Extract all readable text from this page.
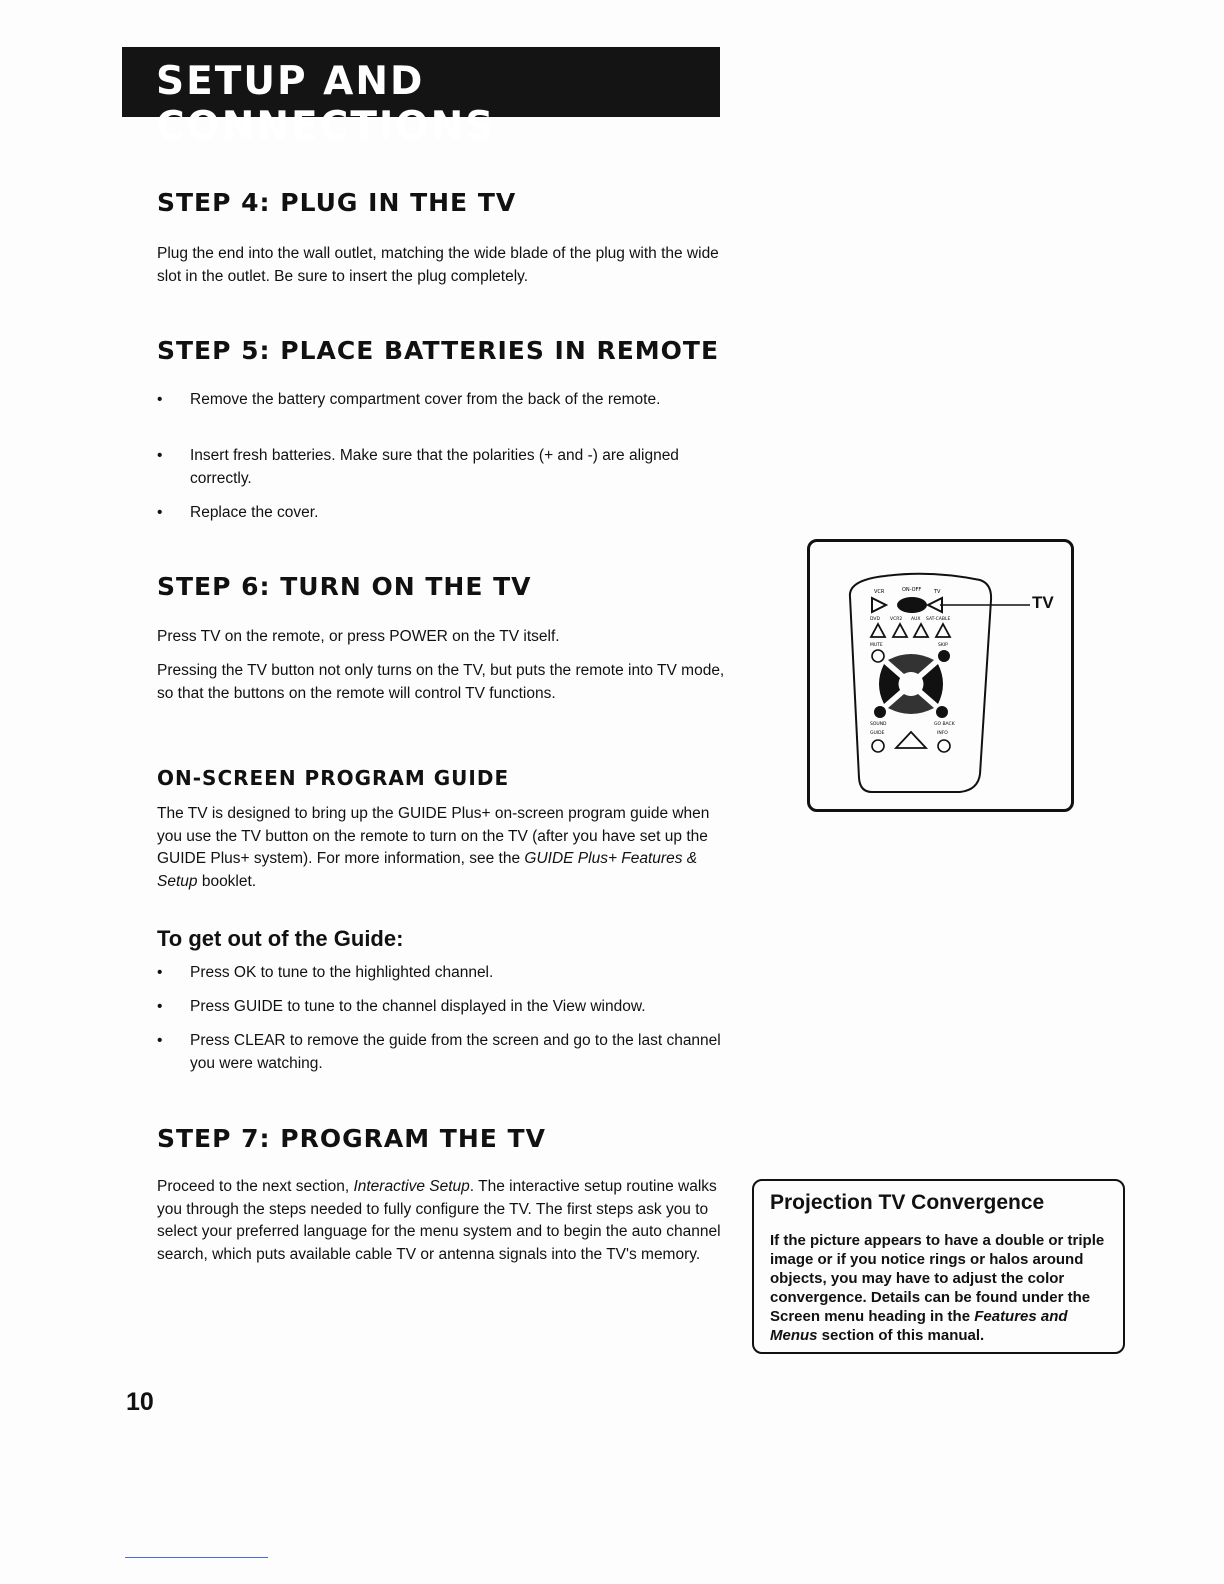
SETUP AND CONNECTIONS
STEP 4: PLUG IN THE TV

Plug the end into the wall outlet, matching the wide blade of the plug with the wide slot in the outlet. Be sure to insert the plug completely.

STEP 5: PLACE BATTERIES IN REMOTE
• Remove the battery compartment cover from the back of the remote.
• Insert fresh batteries. Make sure that the polarities (+ and -) are aligned correctly.
• Replace the cover.
STEP 6: TURN ON THE TV

Press TV on the remote, or press POWER on the TV itself.

Pressing the TV button not only turns on the TV, but puts the remote into TV mode, so that the buttons on the remote will control TV functions.

ON-SCREEN PROGRAM GUIDE

The TV is designed to bring up the GUIDE Plus+ on-screen program guide when you use the TV button on the remote to turn on the TV (after you have set up the GUIDE Plus+ system). For more information, see the GUIDE Plus+ Features & Setup booklet.

To get out of the Guide:
• Press OK to tune to the highlighted channel.
• Press GUIDE to tune to the channel displayed in the View window.
• Press CLEAR to remove the guide from the screen and go to the last channel you were watching.
STEP 7: PROGRAM THE TV

Proceed to the next section, Interactive Setup. The interactive setup routine walks you through the steps needed to fully configure the TV. The first steps ask you to select your preferred language for the menu system and to begin the auto channel search, which puts available cable TV or antenna signals into the TV's memory.

VCR	ON-OFF	TV
DVD VCR2 AUX SAT-CABLE
MUTE	SKIP
SOUND	GO BACK
GUIDE	INFO
TV

Projection TV Convergence

If the picture appears to have a double or triple image or if you notice rings or halos around objects, you may have to adjust the color convergence. Details can be found under the Screen menu heading in the Features and Menus section of this manual.

10
